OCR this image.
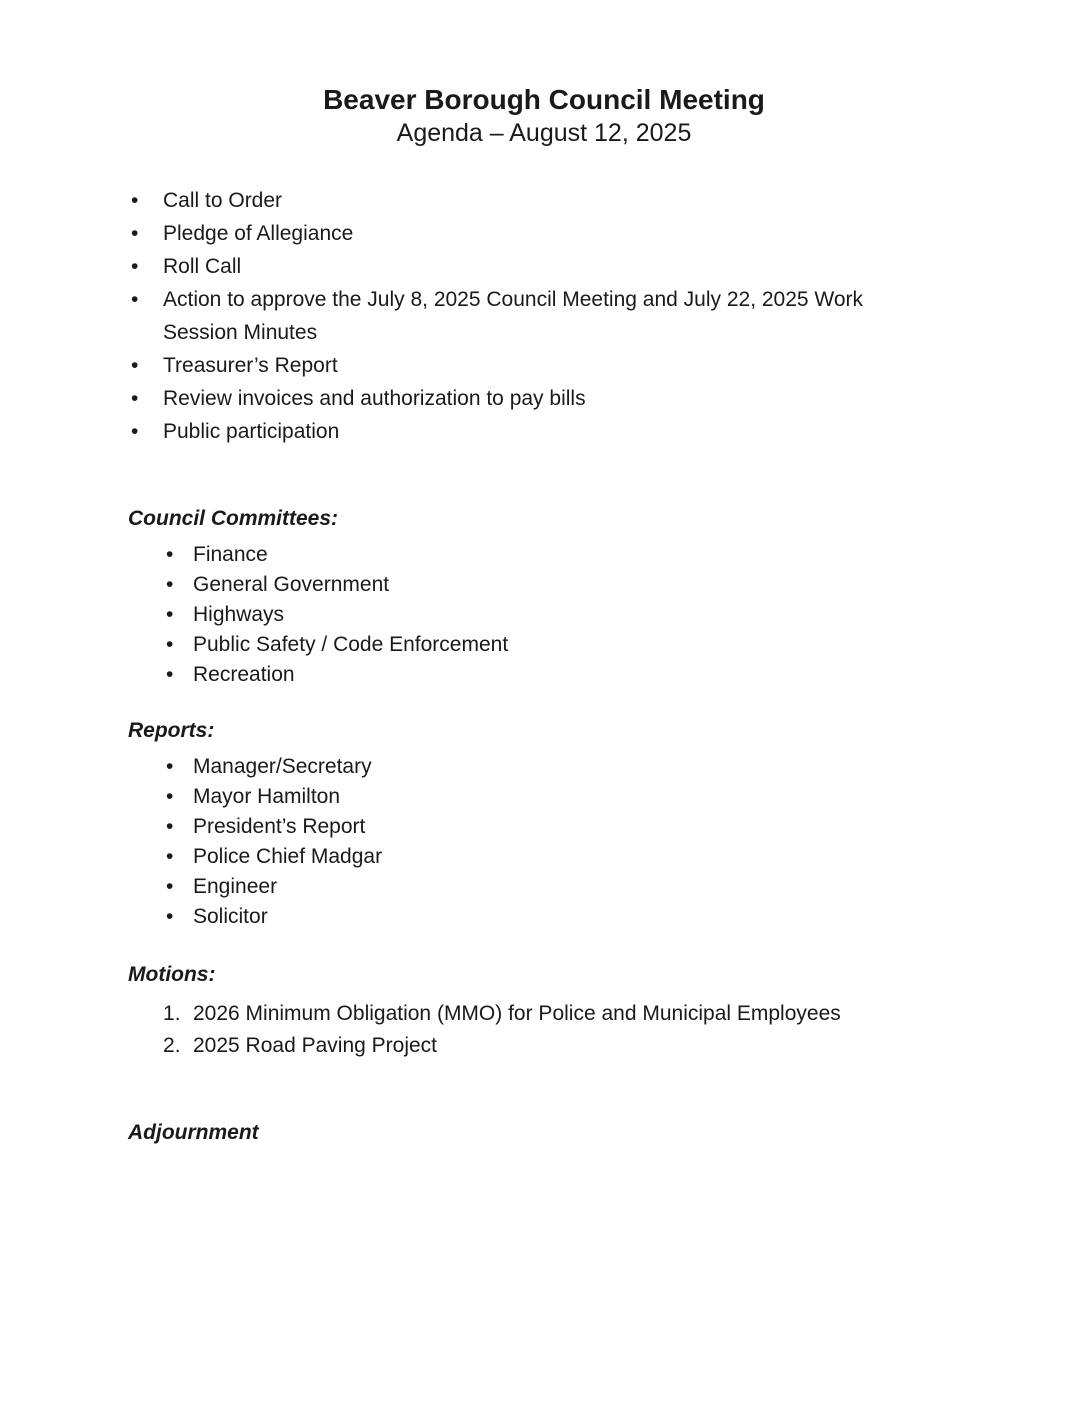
Beaver Borough Council Meeting
Agenda – August 12, 2025
• Call to Order
• Pledge of Allegiance
• Roll Call
• Action to approve the July 8, 2025 Council Meeting and July 22, 2025 Work Session Minutes
• Treasurer’s Report
• Review invoices and authorization to pay bills
• Public participation
Council Committees:
• Finance
• General Government
• Highways
• Public Safety / Code Enforcement
• Recreation
Reports:
• Manager/Secretary
• Mayor Hamilton
• President’s Report
• Police Chief Madgar
• Engineer
• Solicitor
Motions:
2026 Minimum Obligation (MMO) for Police and Municipal Employees
2025 Road Paving Project
Adjournment
